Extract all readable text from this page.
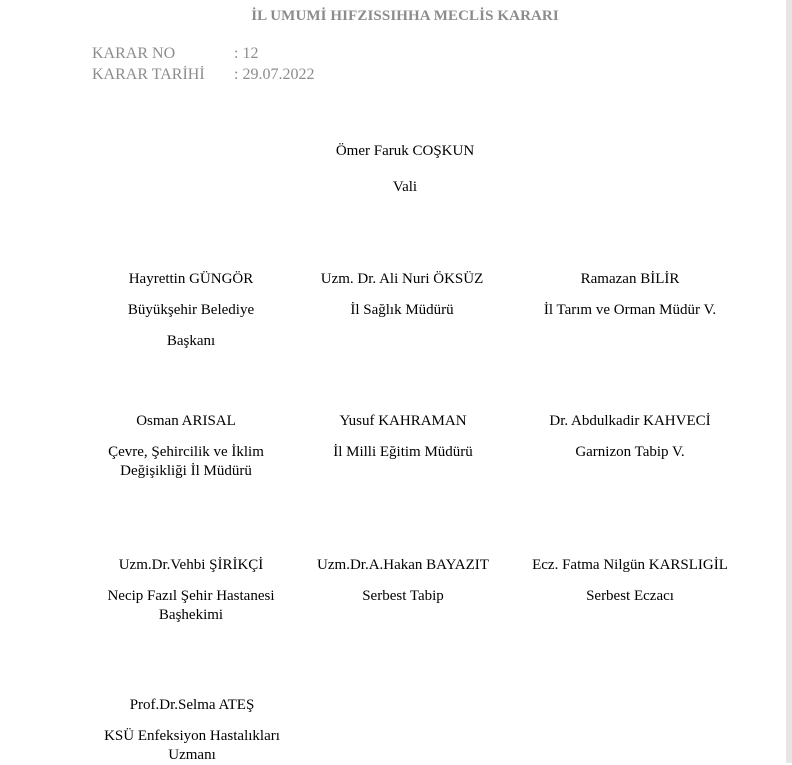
İL UMUMİ HIFZISSIHHA MECLİS KARARI
KARAR NO	: 12
KARAR TARİHİ : 29.07.2022
Ömer Faruk COŞKUN
Vali
Hayrettin GÜNGÖR
Büyükşehir Belediye
Başkanı
Uzm. Dr. Ali Nuri ÖKSÜZ
İl Sağlık Müdürü
Ramazan BİLİR
İl Tarım ve Orman Müdür V.
Osman ARISAL
Çevre, Şehircilik ve İklim
Değişikliği İl Müdürü
Yusuf KAHRAMAN
İl Milli Eğitim Müdürü
Dr. Abdulkadir KAHVECİ
Garnizon Tabip V.
Uzm.Dr.Vehbi ŞİRİKÇİ
Necip Fazıl Şehir Hastanesi
Başhekimi
Uzm.Dr.A.Hakan BAYAZIT
Serbest Tabip
Ecz. Fatma Nilgün KARSLIGİL
Serbest Eczacı
Prof.Dr.Selma ATEŞ
KSÜ Enfeksiyon Hastalıkları
Uzmanı
